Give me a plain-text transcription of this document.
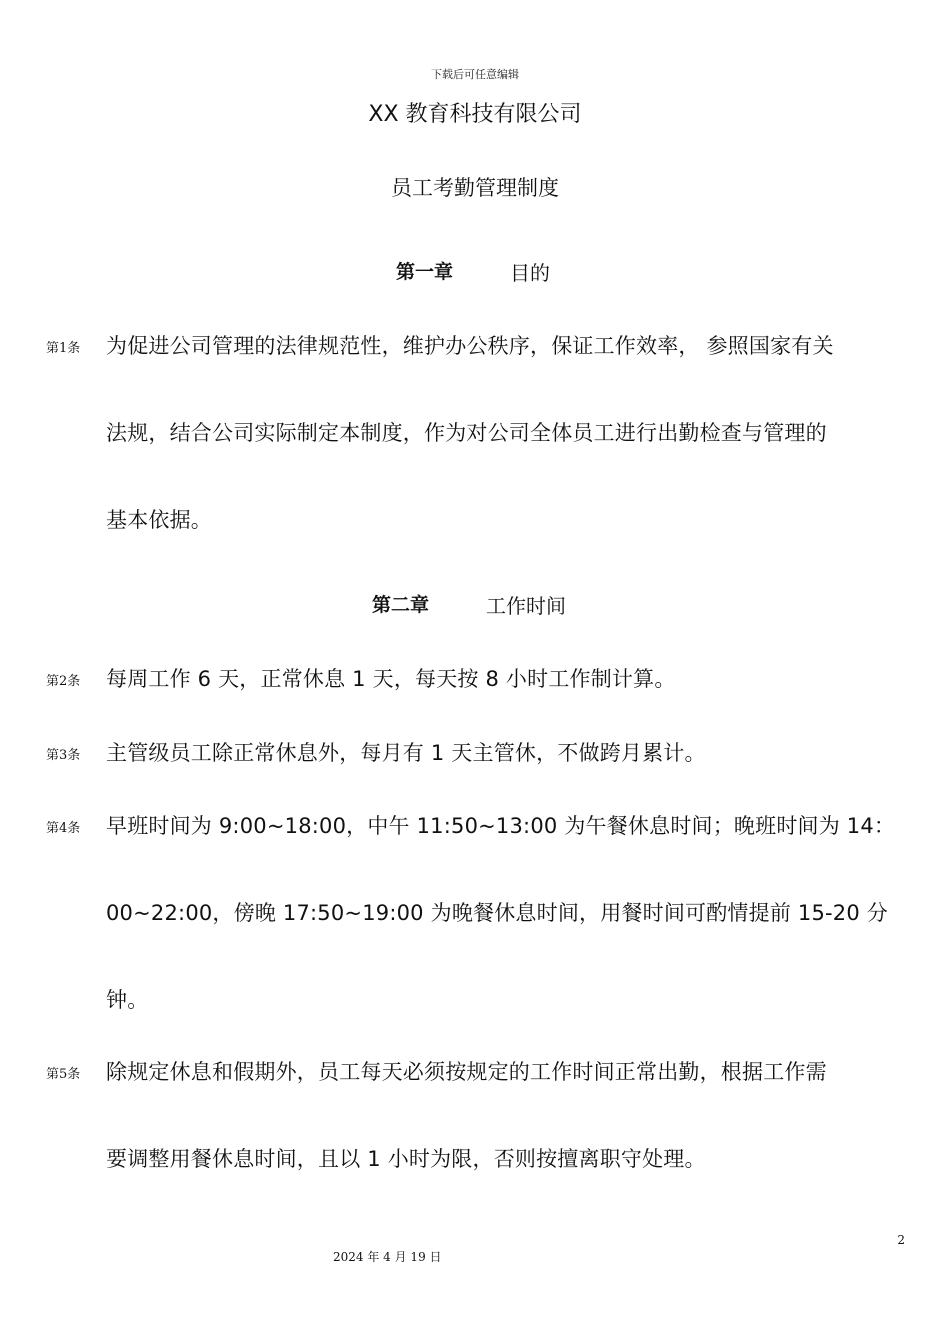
下载后可任意编辑
XX 教育科技有限公司
员工考勤管理制度
第一章	目的
第1条 为促进公司管理的法律规范性，维护办公秩序，保证工作效率， 参照国家有关
法规，结合公司实际制定本制度，作为对公司全体员工进行出勤检查与管理的
基本依据。
第二章	工作时间
第2条 每周工作 6 天，正常休息 1 天，每天按 8 小时工作制计算。
第3条 主管级员工除正常休息外，每月有 1 天主管休，不做跨月累计。
第4条 早班时间为 9:00~18:00，中午 11:50~13:00 为午餐休息时间；晚班时间为 14：
00~22:00，傍晚 17:50~19:00 为晚餐休息时间，用餐时间可酌情提前 15-20 分
钟。
第5条 除规定休息和假期外，员工每天必须按规定的工作时间正常出勤，根据工作需
要调整用餐休息时间，且以 1 小时为限，否则按擅离职守处理。
2
2024 年 4 月 19 日
